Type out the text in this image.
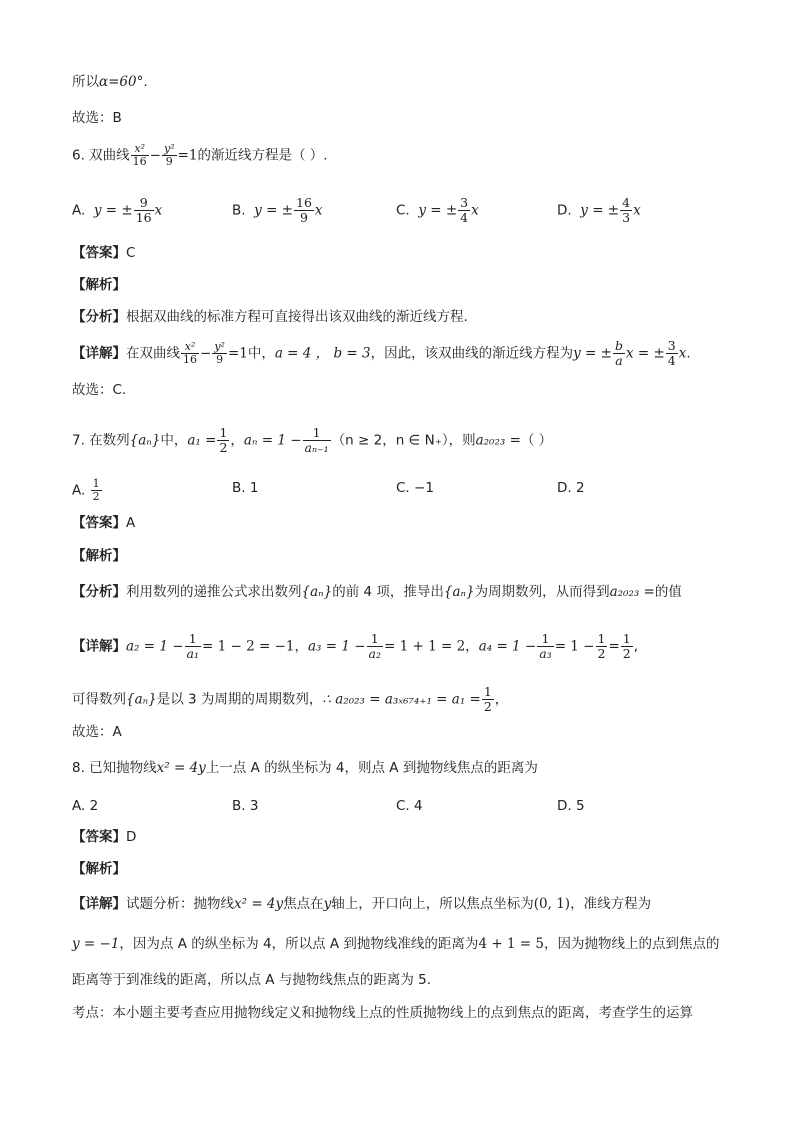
所以α=60°.
故选：B
6. 双曲线 $\frac{\text{x²}}{16} - \frac{\text{y²}}{9} =1$的渐近线方程是（ ）.
A. y = ± $\frac{9}{16}$ x	B. y = ± $\frac{16}{9}$ x	C. y = ± $\frac{3}{4}$ x	D. y = ± $\frac{4}{3}$ x
【答案】C
【解析】
【分析】根据双曲线的标准方程可直接得出该双曲线的渐近线方程.
【详解】在双曲线 $\frac{\text{x²}}{16} - \frac{\text{y²}}{9} =1$中，a = 4 ， b = 3，因此，该双曲线的渐近线方程为y = ± $\frac{b}{a}$ x = ± $\frac{3}{4} x$.
故选：C.
7. 在数列{aₙ}中，$a_1 = \frac{1}{2}$ ，$a_n = 1 - \frac{1}{\text{aₙ₋₁}} (n \ge 2$，n ∈ N₊），则a₂₀₂₃ =（ ）
A. $\frac{1}{2}$	B. 1	C. −1	D. 2
【答案】A
【解析】
【分析】利用数列的递推公式求出数列{aₙ}的前 4 项，推导出{aₙ}为周期数列，从而得到a₂₀₂₃ =的值
【详解】$a_2 = 1 - \frac{1}{\text{a₁}} = 1 - 2 = -1$，$a_3 = 1 - \frac{1}{\text{a₂}} = 1 + 1 = 2$，$a_4 = 1 - \frac{1}{\text{a₃}} = 1 - \frac{1}{2} = \frac{1}{2}$ ,
可得数列{aₙ}是以 3 为周期的周期数列，∴ $a_{2023} = a_{3x674+1} = a_1 = \frac{1}{2}$ ，
故选：A
8. 已知抛物线x² = 4y上一点 A 的纵坐标为 4，则点 A 到抛物线焦点的距离为
A. 2	B. 3	C. 4	D. 5
【答案】D
【解析】
【详解】试题分析：抛物线x² = 4y焦点在y轴上，开口向上，所以焦点坐标为(0, 1)，准线方程为
y = −1，因为点 A 的纵坐标为 4，所以点 A 到抛物线准线的距离为4 + 1 = 5，因为抛物线上的点到焦点的
距离等于到准线的距离，所以点 A 与抛物线焦点的距离为 5.
考点：本小题主要考查应用抛物线定义和抛物线上点的性质抛物线上的点到焦点的距离，考查学生的运算
